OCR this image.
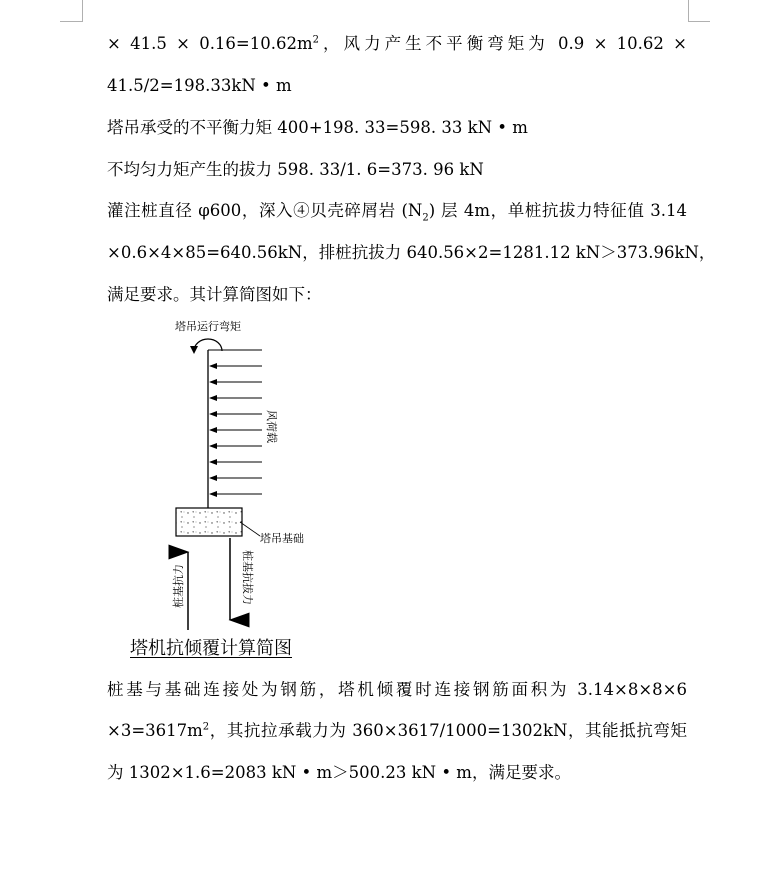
× $41.5 \times 0.16=10.62m^2$，风力产生不平衡弯矩为 0.9 × 10.62 ×
41.5/2=198.33kN • m
塔吊承受的不平衡力矩 400+198. 33=598. 33 kN • m
不均匀力矩产生的拔力 598. 33/1. 6=373. 96 kN
灌注桩直径 φ600，深入④贝壳碎屑岩 $(N_2)$ 层 4m，单桩抗拔力特征值 3.14
×0.6×4×85=640.56kN，排桩抗拔力 640.56×2=1281.12 kN＞373.96kN，
满足要求。其计算简图如下：
塔吊运行弯矩
风荷载
塔吊基础
桩基抗力	桩基抗拔力
塔机抗倾覆计算简图
桩基与基础连接处为钢筋，塔机倾覆时连接钢筋面积为 3.14×8×8×6
$\times 3=3617m^2$，其抗拉承载力为 360×3617/1000=1302kN，其能抵抗弯矩
为 1302×1.6=2083 kN • m＞500.23 kN • m，满足要求。
